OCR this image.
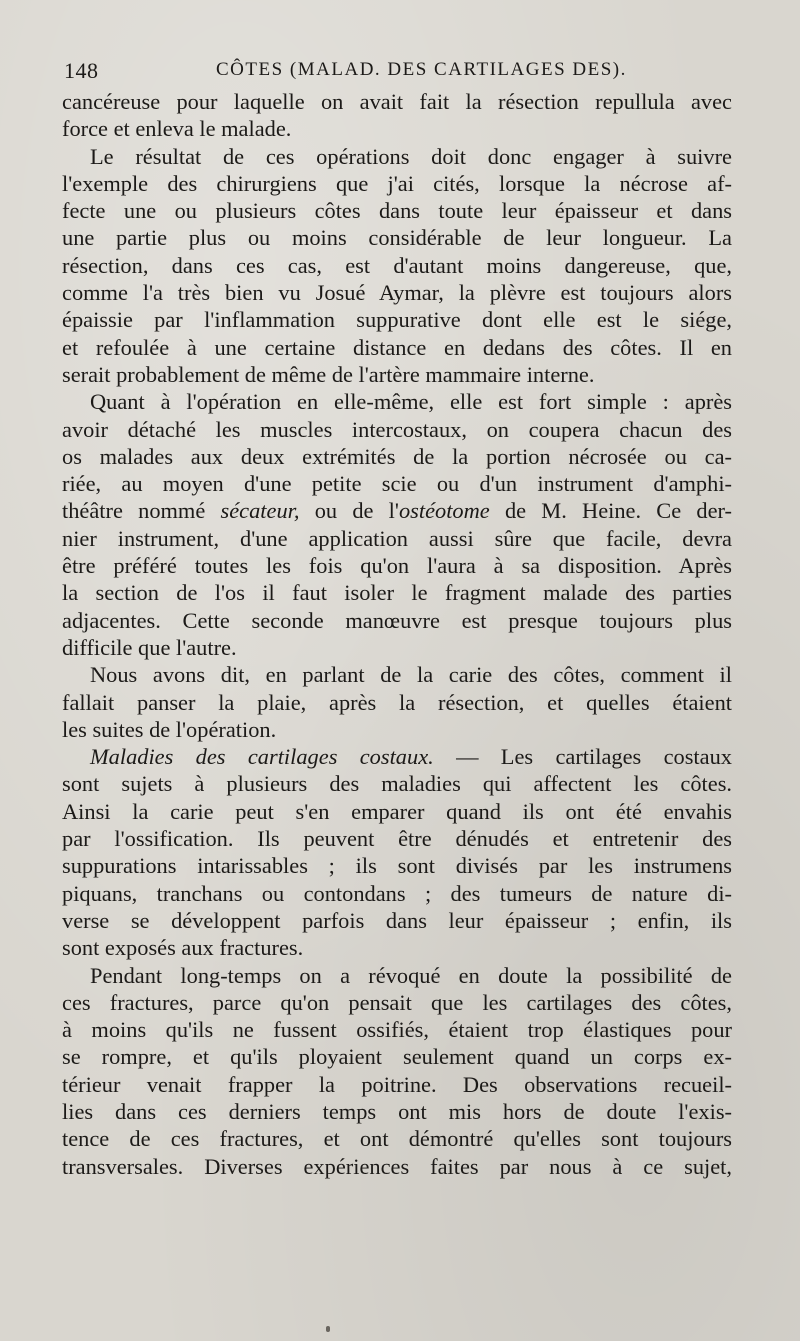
148	CÔTES (MALAD. DES CARTILAGES DES).
cancéreuse pour laquelle on avait fait la résection repullula avec
force et enleva le malade.
Le résultat de ces opérations doit donc engager à suivre
l'exemple des chirurgiens que j'ai cités, lorsque la nécrose af-
fecte une ou plusieurs côtes dans toute leur épaisseur et dans
une partie plus ou moins considérable de leur longueur. La
résection, dans ces cas, est d'autant moins dangereuse, que,
comme l'a très bien vu Josué Aymar, la plèvre est toujours alors
épaissie par l'inflammation suppurative dont elle est le siége,
et refoulée à une certaine distance en dedans des côtes. Il en
serait probablement de même de l'artère mammaire interne.
Quant à l'opération en elle-même, elle est fort simple : après
avoir détaché les muscles intercostaux, on coupera chacun des
os malades aux deux extrémités de la portion nécrosée ou ca-
riée, au moyen d'une petite scie ou d'un instrument d'amphi-
théâtre nommé sécateur, ou de l'ostéotome de M. Heine. Ce der-
nier instrument, d'une application aussi sûre que facile, devra
être préféré toutes les fois qu'on l'aura à sa disposition. Après
la section de l'os il faut isoler le fragment malade des parties
adjacentes. Cette seconde manœuvre est presque toujours plus
difficile que l'autre.
Nous avons dit, en parlant de la carie des côtes, comment il
fallait panser la plaie, après la résection, et quelles étaient
les suites de l'opération.
Maladies des cartilages costaux. — Les cartilages costaux
sont sujets à plusieurs des maladies qui affectent les côtes.
Ainsi la carie peut s'en emparer quand ils ont été envahis
par l'ossification. Ils peuvent être dénudés et entretenir des
suppurations intarissables ; ils sont divisés par les instrumens
piquans, tranchans ou contondans ; des tumeurs de nature di-
verse se développent parfois dans leur épaisseur ; enfin, ils
sont exposés aux fractures.
Pendant long-temps on a révoqué en doute la possibilité de
ces fractures, parce qu'on pensait que les cartilages des côtes,
à moins qu'ils ne fussent ossifiés, étaient trop élastiques pour
se rompre, et qu'ils ployaient seulement quand un corps ex-
térieur venait frapper la poitrine. Des observations recueil-
lies dans ces derniers temps ont mis hors de doute l'exis-
tence de ces fractures, et ont démontré qu'elles sont toujours
transversales. Diverses expériences faites par nous à ce sujet,
